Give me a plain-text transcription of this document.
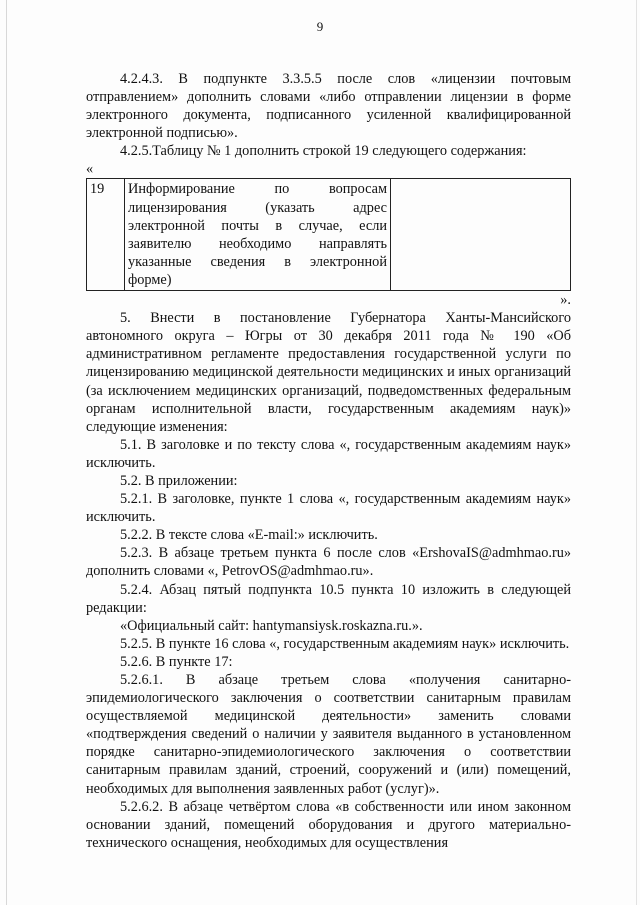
9

4.2.4.3. В подпункте 3.3.5.5 после слов «лицензии почтовым отправлением» дополнить словами «либо отправлении лицензии в форме электронного документа, подписанного усиленной квалифицированной электронной подписью».

4.2.5.Таблицу № 1 дополнить строкой 19 следующего содержания:

«

19	Информирование по вопросам лицензирования (указать адрес электронной почты в случае, если заявителю необходимо направлять указанные сведения в электронной форме)	

».

5. Внести в постановление Губернатора Ханты-Мансийского автономного округа – Югры от 30 декабря 2011 года № 190 «Об административном регламенте предоставления государственной услуги по лицензированию медицинской деятельности медицинских и иных организаций (за исключением медицинских организаций, подведомственных федеральным органам исполнительной власти, государственным академиям наук)» следующие изменения:

5.1. В заголовке и по тексту слова «, государственным академиям наук» исключить.

5.2. В приложении:

5.2.1. В заголовке, пункте 1 слова «, государственным академиям наук» исключить.

5.2.2. В тексте слова «E-mail:» исключить.

5.2.3. В абзаце третьем пункта 6 после слов «ErshovaIS@admhmao.ru» дополнить словами «, PetrovOS@admhmao.ru».

5.2.4. Абзац пятый подпункта 10.5 пункта 10 изложить в следующей редакции:

«Официальный сайт: hantymansiysk.roskazna.ru.».

5.2.5. В пункте 16 слова «, государственным академиям наук» исключить.

5.2.6. В пункте 17:

5.2.6.1. В абзаце третьем слова «получения санитарно-эпидемиологического заключения о соответствии санитарным правилам осуществляемой медицинской деятельности» заменить словами «подтверждения сведений о наличии у заявителя выданного в установленном порядке санитарно-эпидемиологического заключения о соответствии санитарным правилам зданий, строений, сооружений и (или) помещений, необходимых для выполнения заявленных работ (услуг)».

5.2.6.2. В абзаце четвёртом слова «в собственности или ином законном основании зданий, помещений оборудования и другого материально-технического оснащения, необходимых для осуществления
